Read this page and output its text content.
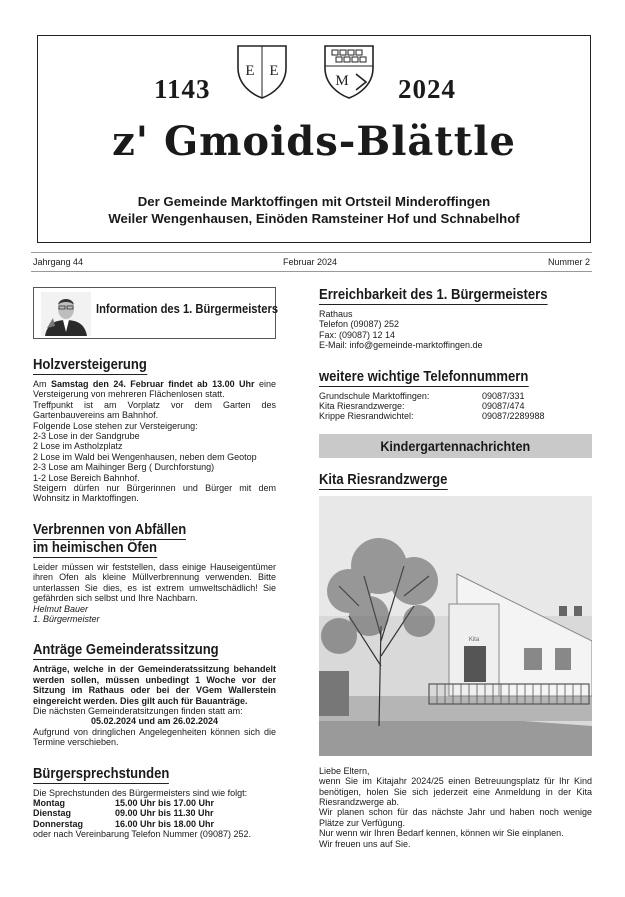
1143
E E
M 2024
z' Gmoids-Blättle
Der Gemeinde Marktoffingen mit Ortsteil Minderoffingen
Weiler Wengenhausen, Einöden Ramsteiner Hof und Schnabelhof
Jahrgang 44	Februar 2024	Nummer 2
Information des 1. Bürgermeisters
Holzversteigerung

Am Samstag den 24. Februar findet ab 13.00 Uhr eine Versteigerung von mehreren Flächenlosen statt.

Treffpunkt ist am Vorplatz vor dem Garten des Gartenbauvereins am Bahnhof.

Folgende Lose stehen zur Versteigerung:

2-3 Lose in der Sandgrube

2 Lose im Astholzplatz

2 Lose im Wald bei Wengenhausen, neben dem Geotop

2-3 Lose am Maihinger Berg ( Durchforstung)

1-2 Lose Bereich Bahnhof.

Steigern dürfen nur Bürgerinnen und Bürger mit dem Wohnsitz in Marktoffingen.

Verbrennen von Abfällen
im heimischen Öfen

Leider müssen wir feststellen, dass einige Hauseigentümer ihren Ofen als kleine Müllverbrennung verwenden. Bitte unterlassen Sie dies, es ist extrem umweltschädlich! Sie gefährden sich selbst und Ihre Nachbarn.

Helmut Bauer

1. Bürgermeister

Anträge Gemeinderatssitzung

Anträge, welche in der Gemeinderatssitzung behandelt werden sollen, müssen unbedingt 1 Woche vor der Sitzung im Rathaus oder bei der VGem Wallerstein eingereicht werden. Dies gilt auch für Bauanträge.

Die nächsten Gemeinderatsitzungen finden statt am:

05.02.2024 und am 26.02.2024

Aufgrund von dringlichen Angelegenheiten können sich die Termine verschieben.

Bürgersprechstunden

Die Sprechstunden des Bürgermeisters sind wie folgt:

Montag	15.00 Uhr bis 17.00 Uhr
Dienstag	09.00 Uhr bis 11.30 Uhr
Donnerstag	16.00 Uhr bis 18.00 Uhr

oder nach Vereinbarung Telefon Nummer (09087) 252.

Erreichbarkeit des 1. Bürgermeisters

Rathaus

Telefon (09087) 252

Fax: (09087) 12 14

E-Mail: info@gemeinde-marktoffingen.de

weitere wichtige Telefonnummern
Grundschule Marktoffingen:	09087/331
Kita Riesrandzwerge:	09087/474
Krippe Riesrandwichtel:	09087/2289988
Kindergartennachrichten
Kita Riesrandzwerge
Kita

Liebe Eltern,

wenn Sie im Kitajahr 2024/25 einen Betreuungsplatz für Ihr Kind benötigen, holen Sie sich jederzeit eine Anmeldung in der Kita Riesrandzwerge ab.

Wir planen schon für das nächste Jahr und haben noch wenige Plätze zur Verfügung.

Nur wenn wir Ihren Bedarf kennen, können wir Sie einplanen.

Wir freuen uns auf Sie.
